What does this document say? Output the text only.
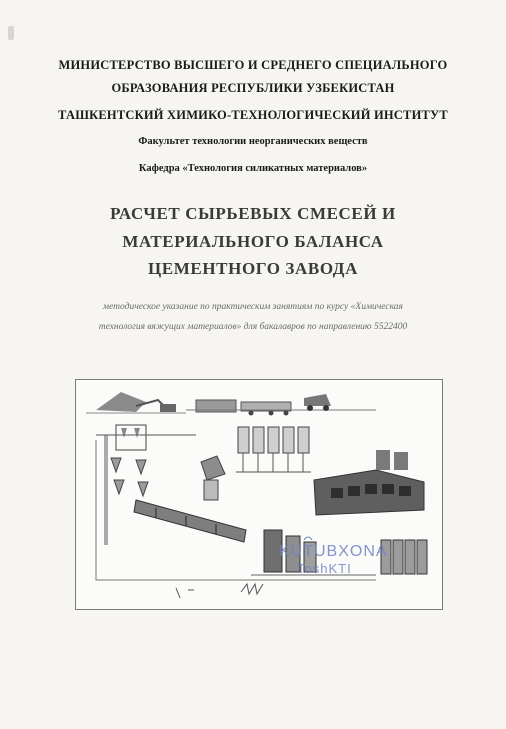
МИНИСТЕРСТВО ВЫСШЕГО И СРЕДНЕГО СПЕЦИАЛЬНОГО
ОБРАЗОВАНИЯ РЕСПУБЛИКИ УЗБЕКИСТАН
ТАШКЕНТСКИЙ ХИМИКО-ТЕХНОЛОГИЧЕСКИЙ ИНСТИТУТ
Факультет технологии неорганических веществ
Кафедра «Технология силикатных материалов»
РАСЧЕТ СЫРЬЕВЫХ СМЕСЕЙ И
МАТЕРИАЛЬНОГО БАЛАНСА
ЦЕМЕНТНОГО ЗАВОДА
методическое указание по практическим занятиям по курсу «Химическая
технология вяжущих материалов» для бакалавров по направлению 5522400
KUTUBXONA
ToshKTI
